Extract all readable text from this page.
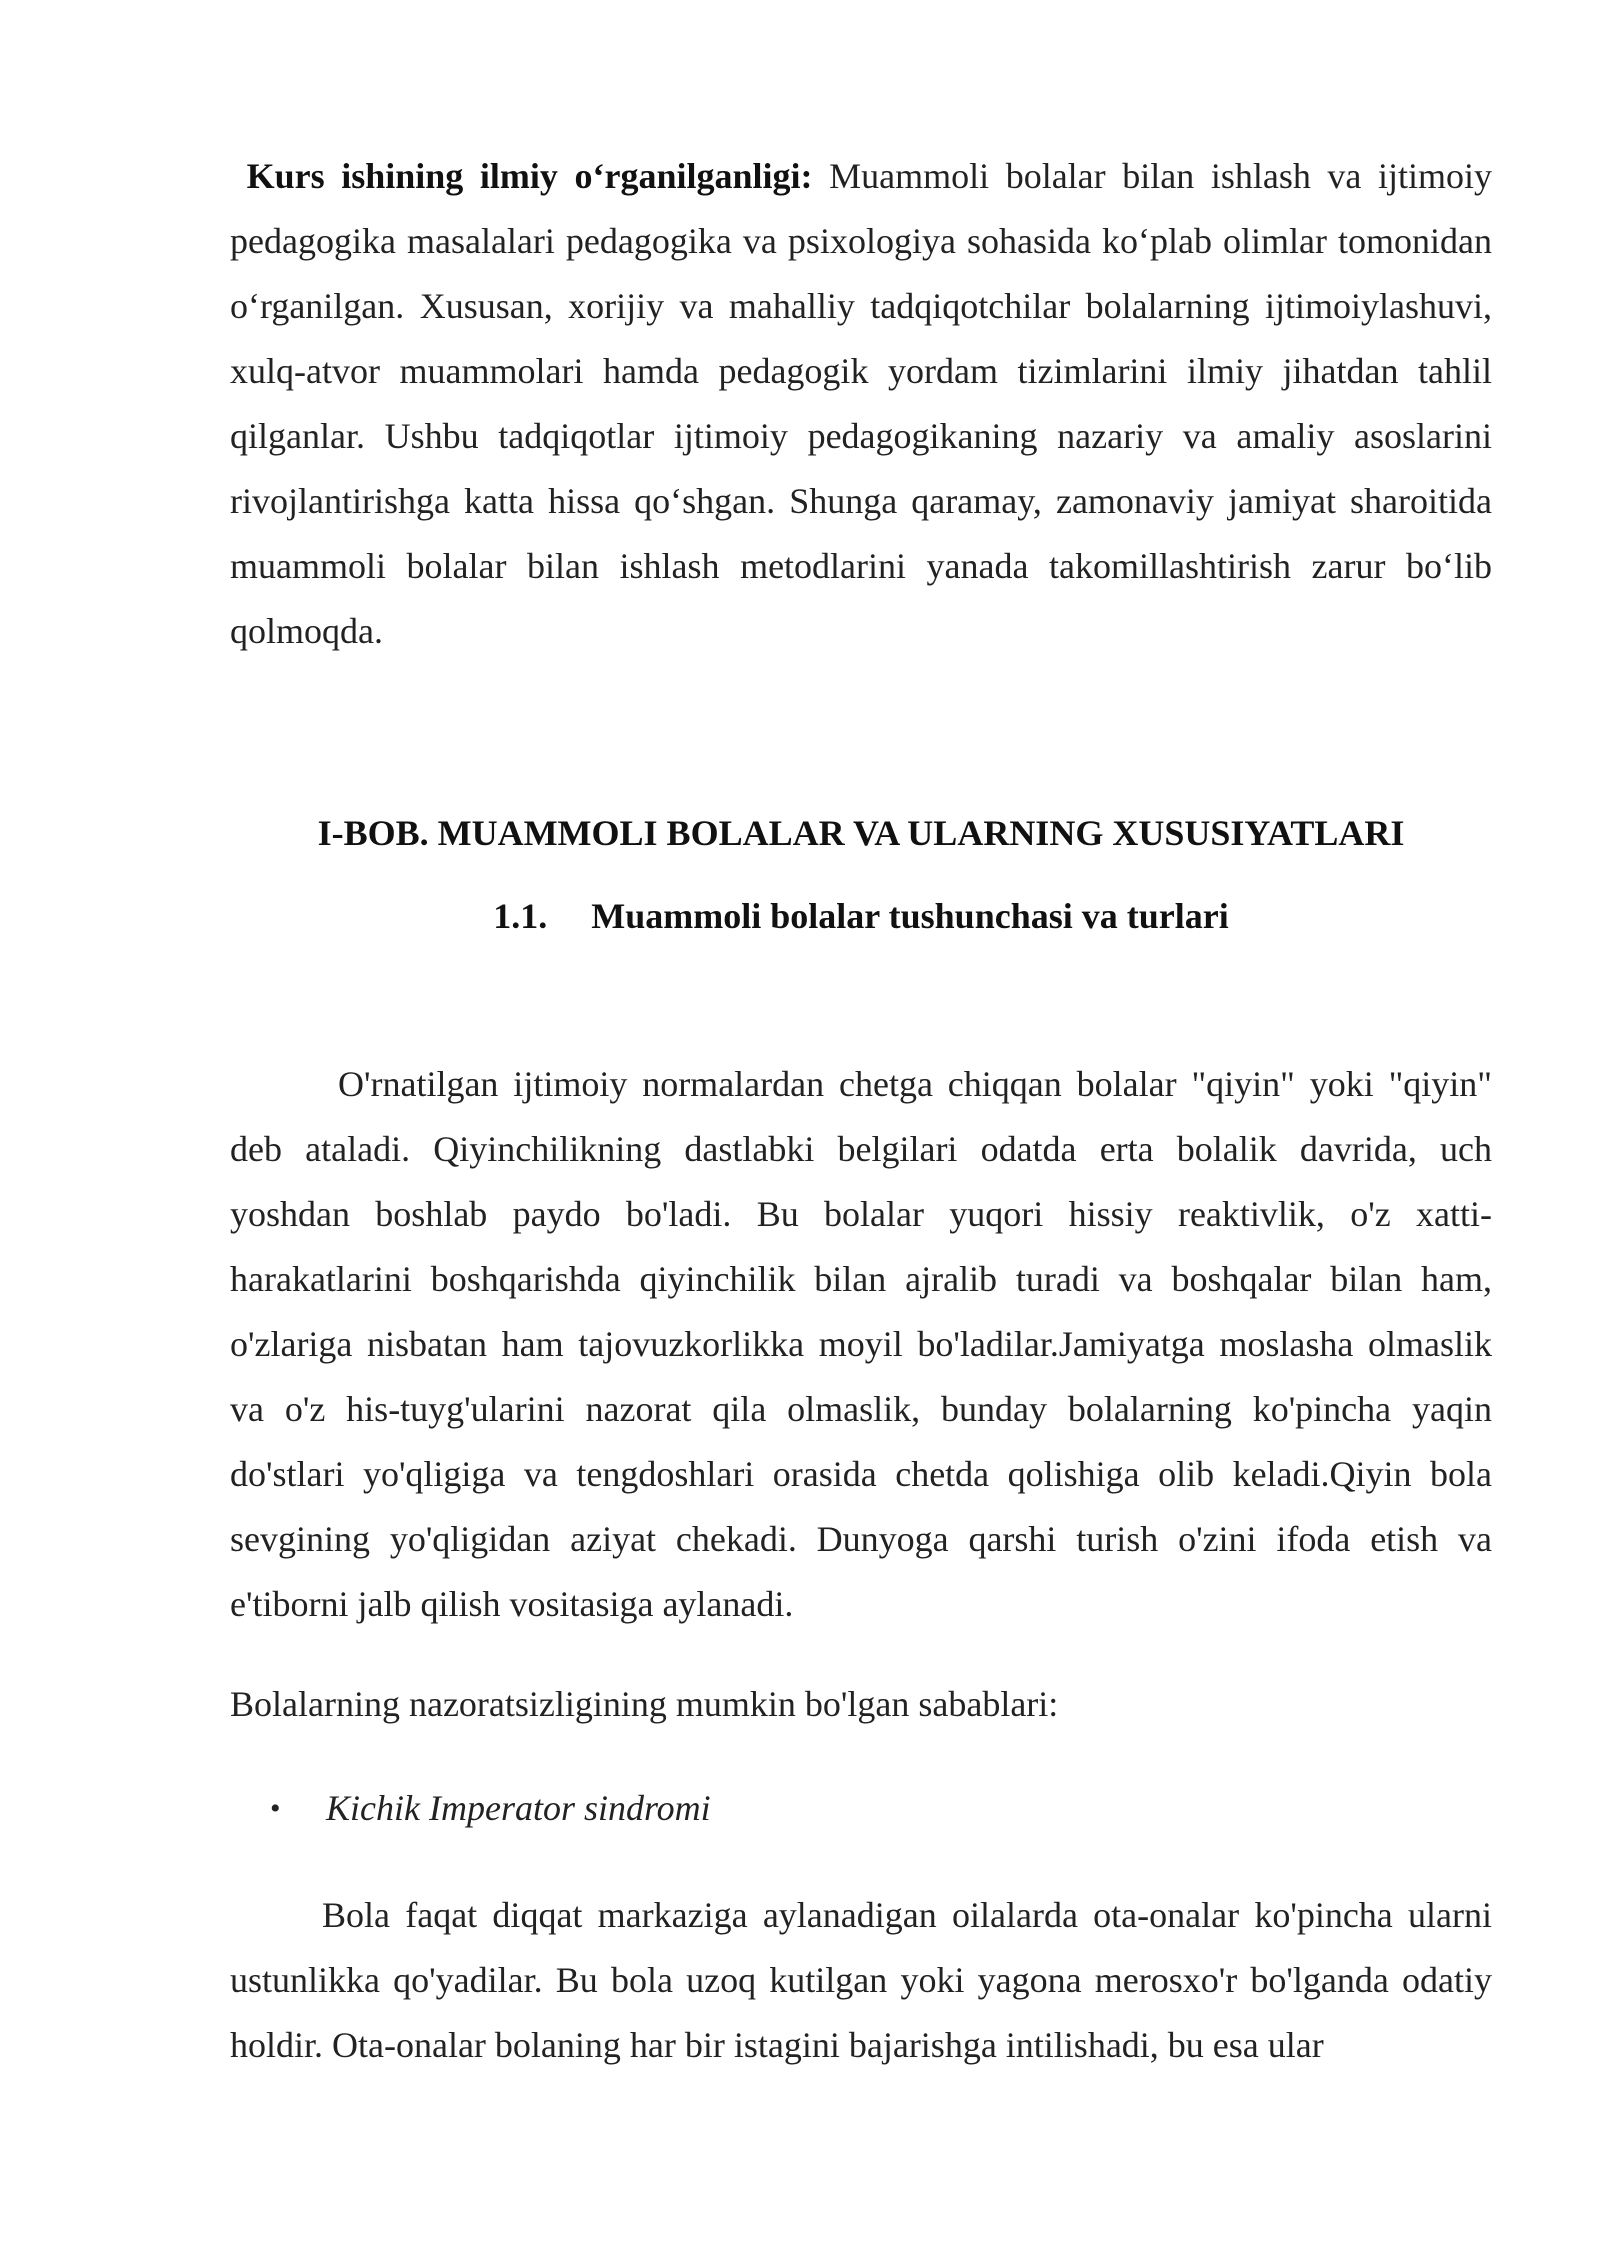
Kurs ishining ilmiy o‘rganilganligi: Muammoli bolalar bilan ishlash va ijtimoiy pedagogika masalalari pedagogika va psixologiya sohasida ko‘plab olimlar tomonidan o‘rganilgan. Xususan, xorijiy va mahalliy tadqiqotchilar bolalarning ijtimoiylashuvi, xulq-atvor muammolari hamda pedagogik yordam tizimlarini ilmiy jihatdan tahlil qilganlar. Ushbu tadqiqotlar ijtimoiy pedagogikaning nazariy va amaliy asoslarini rivojlantirishga katta hissa qo‘shgan. Shunga qaramay, zamonaviy jamiyat sharoitida muammoli bolalar bilan ishlash metodlarini yanada takomillashtirish zarur bo‘lib qolmoqda.
I-BOB. MUAMMOLI BOLALAR VA ULARNING XUSUSIYATLARI
1.1. Muammoli bolalar tushunchasi va turlari
O'rnatilgan ijtimoiy normalardan chetga chiqqan bolalar "qiyin" yoki "qiyin" deb ataladi. Qiyinchilikning dastlabki belgilari odatda erta bolalik davrida, uch yoshdan boshlab paydo bo'ladi. Bu bolalar yuqori hissiy reaktivlik, o'z xatti-harakatlarini boshqarishda qiyinchilik bilan ajralib turadi va boshqalar bilan ham, o'zlariga nisbatan ham tajovuzkorlikka moyil bo'ladilar.Jamiyatga moslasha olmaslik va o'z his-tuyg'ularini nazorat qila olmaslik, bunday bolalarning ko'pincha yaqin do'stlari yo'qligiga va tengdoshlari orasida chetda qolishiga olib keladi.Qiyin bola sevgining yo'qligidan aziyat chekadi. Dunyoga qarshi turish o'zini ifoda etish va e'tiborni jalb qilish vositasiga aylanadi.
Bolalarning nazoratsizligining mumkin bo'lgan sabablari:
• Kichik Imperator sindromi
Bola faqat diqqat markaziga aylanadigan oilalarda ota-onalar ko'pincha ularni ustunlikka qo'yadilar. Bu bola uzoq kutilgan yoki yagona merosxo'r bo'lganda odatiy holdir. Ota-onalar bolaning har bir istagini bajarishga intilishadi, bu esa ular
